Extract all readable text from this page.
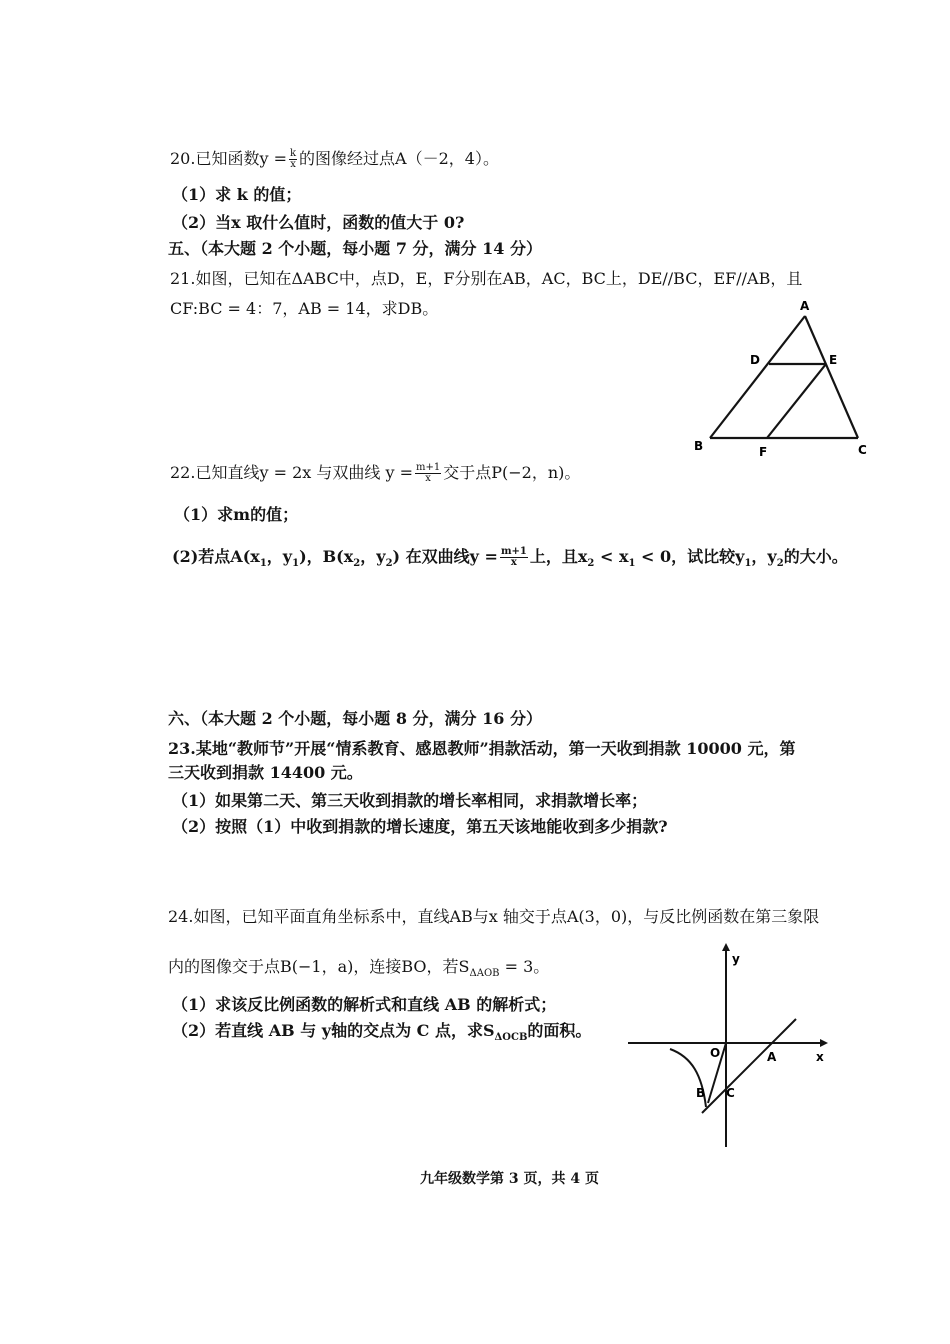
20.已知函数$y = \frac{k}{x}$ 的图像经过点A（－2，4）。
（1）求 k 的值；
（2）当x 取什么值时，函数的值大于 0?
五、（本大题 2 个小题，每小题 7 分，满分 14 分）
21.如图，已知在ΔABC中，点D，E，F分别在AB，AC，BC上，DE//BC，EF//AB，且
CF:BC = 4：7，AB = 14，求DB。	A
D	E
B	F	C
22.已知直线y = 2x 与双曲线 $y = \frac{m+1}{x}$ 交于点P(−2，n)。
（1）求m的值；
(2)若点$A(x_1$，$y_1$)，$B(x_2$，$y_2$) 在双曲线$y = \frac{m+1}{x}$ 上，且$x_2 < x_1 < 0$，试比较$y_1$，$y_2$的大小。
六、（本大题 2 个小题，每小题 8 分，满分 16 分）
23.某地“教师节”开展“情系教育、感恩教师”捐款活动，第一天收到捐款 10000 元，第
三天收到捐款 14400 元。
（1）如果第二天、第三天收到捐款的增长率相同，求捐款增长率；
（2）按照（1）中收到捐款的增长速度，第五天该地能收到多少捐款?
24.如图，已知平面直角坐标系中，直线AB与x 轴交于点A(3，0)，与反比例函数在第三象限
内的图像交于点B(−1，a)，连接BO，若$S_{\Delta AOB} = 3$。
（1）求该反比例函数的解析式和直线 AB 的解析式；
（2）若直线 AB 与 y轴的交点为 C 点，求$S_{\Delta OCB}$的面积。
y
x
O	A
B C
九年级数学第 3 页，共 4 页
